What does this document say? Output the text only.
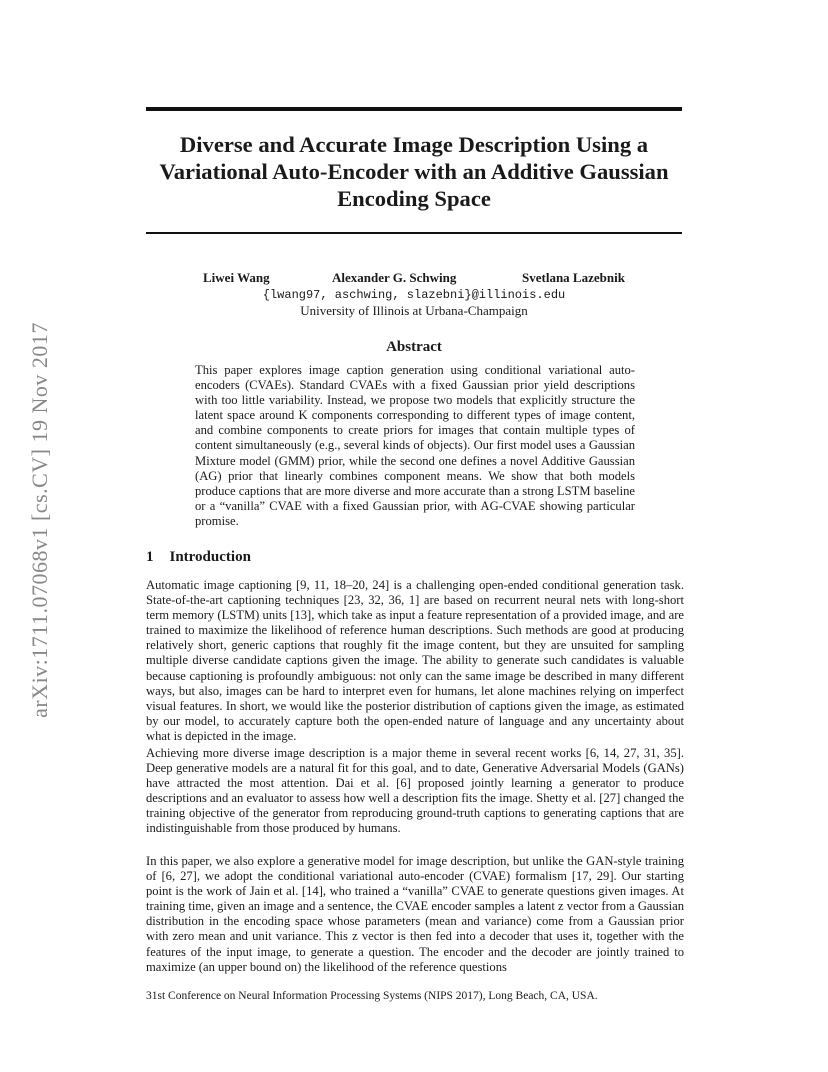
arXiv:1711.07068v1 [cs.CV] 19 Nov 2017
Diverse and Accurate Image Description Using a
Variational Auto-Encoder with an Additive Gaussian
Encoding Space
Liwei Wang	Alexander G. Schwing	Svetlana Lazebnik
{lwang97, aschwing, slazebni}@illinois.edu
University of Illinois at Urbana-Champaign
Abstract
This paper explores image caption generation using conditional variational auto-encoders (CVAEs). Standard CVAEs with a fixed Gaussian prior yield descriptions with too little variability. Instead, we propose two models that explicitly structure the latent space around K components corresponding to different types of image content, and combine components to create priors for images that contain multiple types of content simultaneously (e.g., several kinds of objects). Our first model uses a Gaussian Mixture model (GMM) prior, while the second one defines a novel Additive Gaussian (AG) prior that linearly combines component means. We show that both models produce captions that are more diverse and more accurate than a strong LSTM baseline or a “vanilla” CVAE with a fixed Gaussian prior, with AG-CVAE showing particular promise.
1 Introduction
Automatic image captioning [9, 11, 18–20, 24] is a challenging open-ended conditional generation task. State-of-the-art captioning techniques [23, 32, 36, 1] are based on recurrent neural nets with long-short term memory (LSTM) units [13], which take as input a feature representation of a provided image, and are trained to maximize the likelihood of reference human descriptions. Such methods are good at producing relatively short, generic captions that roughly fit the image content, but they are unsuited for sampling multiple diverse candidate captions given the image. The ability to generate such candidates is valuable because captioning is profoundly ambiguous: not only can the same image be described in many different ways, but also, images can be hard to interpret even for humans, let alone machines relying on imperfect visual features. In short, we would like the posterior distribution of captions given the image, as estimated by our model, to accurately capture both the open-ended nature of language and any uncertainty about what is depicted in the image.
Achieving more diverse image description is a major theme in several recent works [6, 14, 27, 31, 35]. Deep generative models are a natural fit for this goal, and to date, Generative Adversarial Models (GANs) have attracted the most attention. Dai et al. [6] proposed jointly learning a generator to produce descriptions and an evaluator to assess how well a description fits the image. Shetty et al. [27] changed the training objective of the generator from reproducing ground-truth captions to generating captions that are indistinguishable from those produced by humans.
In this paper, we also explore a generative model for image description, but unlike the GAN-style training of [6, 27], we adopt the conditional variational auto-encoder (CVAE) formalism [17, 29]. Our starting point is the work of Jain et al. [14], who trained a “vanilla” CVAE to generate questions given images. At training time, given an image and a sentence, the CVAE encoder samples a latent z vector from a Gaussian distribution in the encoding space whose parameters (mean and variance) come from a Gaussian prior with zero mean and unit variance. This z vector is then fed into a decoder that uses it, together with the features of the input image, to generate a question. The encoder and the decoder are jointly trained to maximize (an upper bound on) the likelihood of the reference questions
31st Conference on Neural Information Processing Systems (NIPS 2017), Long Beach, CA, USA.
